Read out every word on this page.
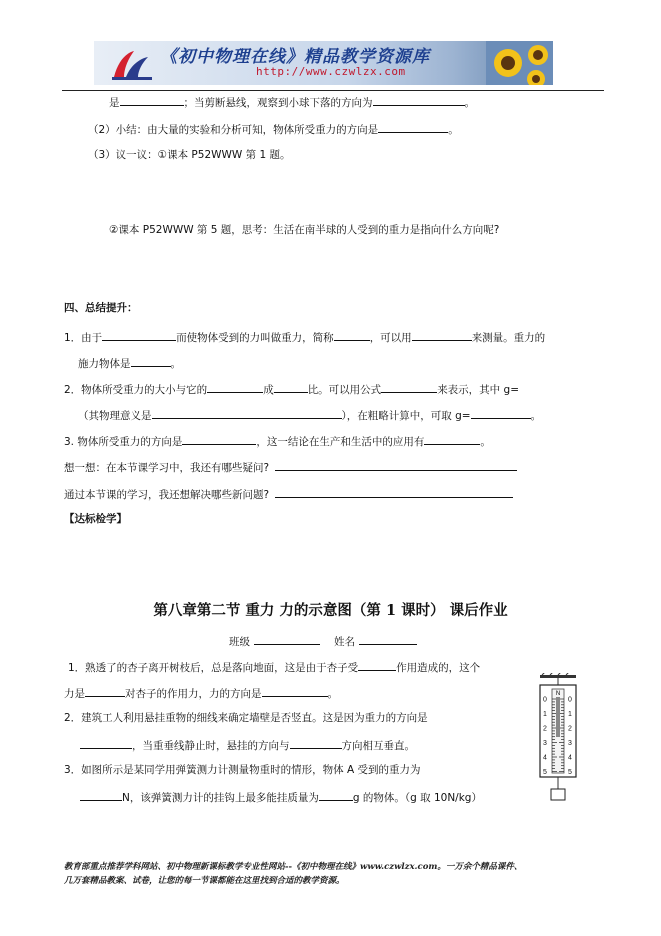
《初中物理在线》精品教学资源库
http://www.czwlzx.com
是	；当剪断悬线，观察到小球下落的方向为	。
（2）小结：由大量的实验和分析可知，物体所受重力的方向是	。
（3）议一议：①课本 P52WWW 第 1 题。
②课本 P52WWW 第 5 题，思考：生活在南半球的人受到的重力是指向什么方向呢?
四、总结提升：
1．由于	而使物体受到的力叫做重力，简称	，可以用	来测量。重力的
施力物体是	。
2．物体所受重力的大小与它的	成	比。可以用公式	来表示，其中 g=
（其物理意义是	），在粗略计算中，可取 g=	。
3. 物体所受重力的方向是	，这一结论在生产和生活中的应用有	。
想一想：在本节课学习中，我还有哪些疑问?
通过本节课的学习，我还想解决哪些新问题?
【达标检学】
第八章第二节 重力 力的示意图（第 1 课时） 课后作业
班级	姓名
1．熟透了的杏子离开树枝后，总是落向地面，这是由于杏子受	作用造成的，这个
力是	对杏子的作用力，力的方向是	。
2．建筑工人利用悬挂重物的细线来确定墙壁是否竖直。这是因为重力的方向是
，当重垂线静止时，悬挂的方向与	方向相互垂直。
3．如图所示是某同学用弹簧测力计测量物重时的情形，物体 A 受到的重力为
N，该弹簧测力计的挂钩上最多能挂质量为	g 的物体。（g 取 10N/kg）
N
0	0
1	1
2	2
3	3
4	4
5	5
教育部重点推荐学科网站、初中物理新课标教学专业性网站--《初中物理在线》www.czwlzx.com。一万余个精品课件、
几万套精品教案、试卷，让您的每一节课都能在这里找到合适的教学资源。
